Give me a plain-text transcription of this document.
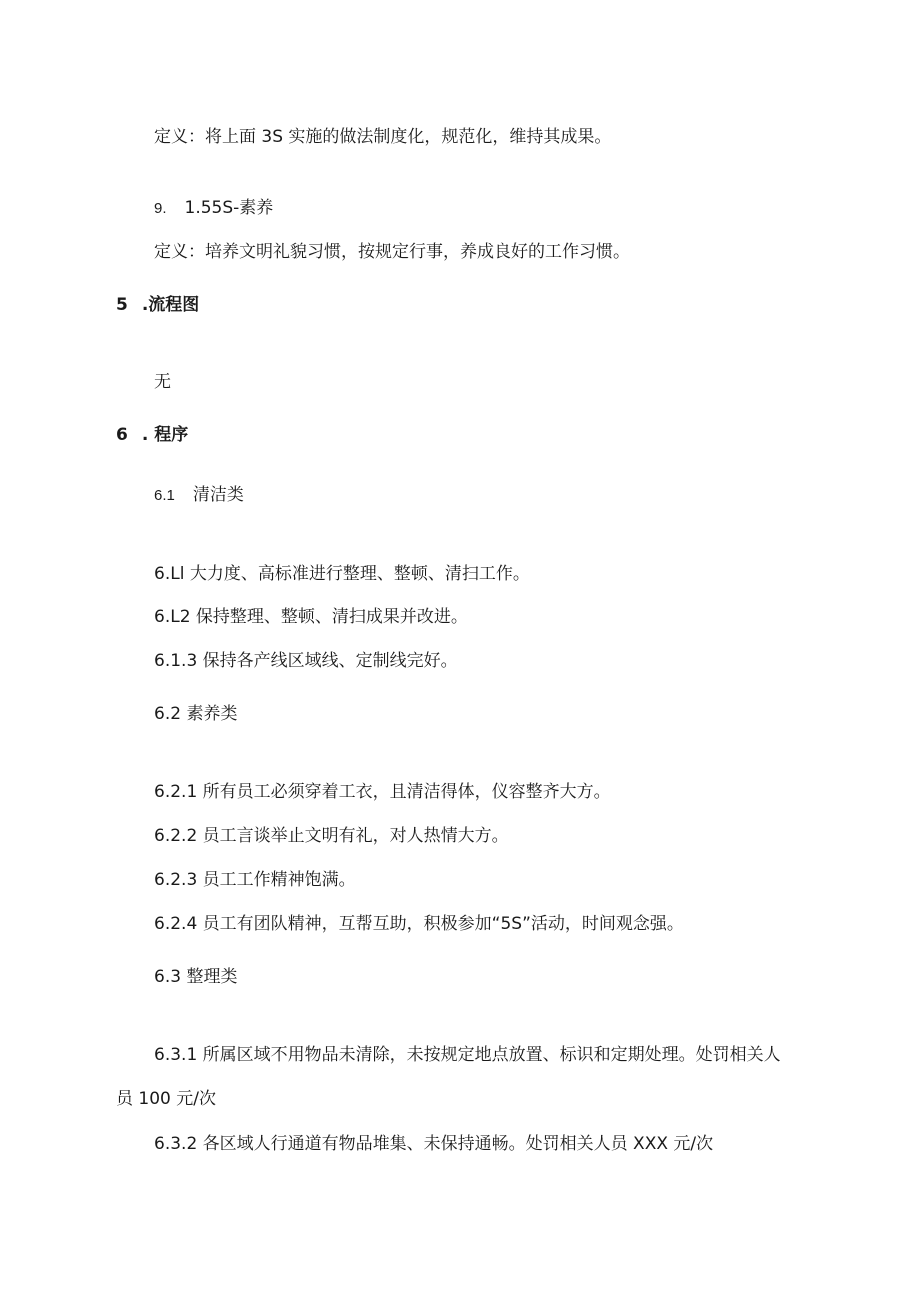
定义：将上面 3S 实施的做法制度化，规范化，维持其成果。
9. 1.55S-素养
定义：培养文明礼貌习惯，按规定行事，养成良好的工作习惯。
5 .流程图
无
6 . 程序
6.1 清洁类
6.Ll 大力度、高标准进行整理、整顿、清扫工作。
6.L2 保持整理、整顿、清扫成果并改进。
6.1.3 保持各产线区域线、定制线完好。
6.2 素养类
6.2.1 所有员工必须穿着工衣，且清洁得体，仪容整齐大方。
6.2.2 员工言谈举止文明有礼，对人热情大方。
6.2.3 员工工作精神饱满。
6.2.4 员工有团队精神，互帮互助，积极参加“5S”活动，时间观念强。
6.3 整理类
6.3.1 所属区域不用物品未清除，未按规定地点放置、标识和定期处理。处罚相关人
员 100 元/次
6.3.2 各区域人行通道有物品堆集、未保持通畅。处罚相关人员 XXX 元/次
